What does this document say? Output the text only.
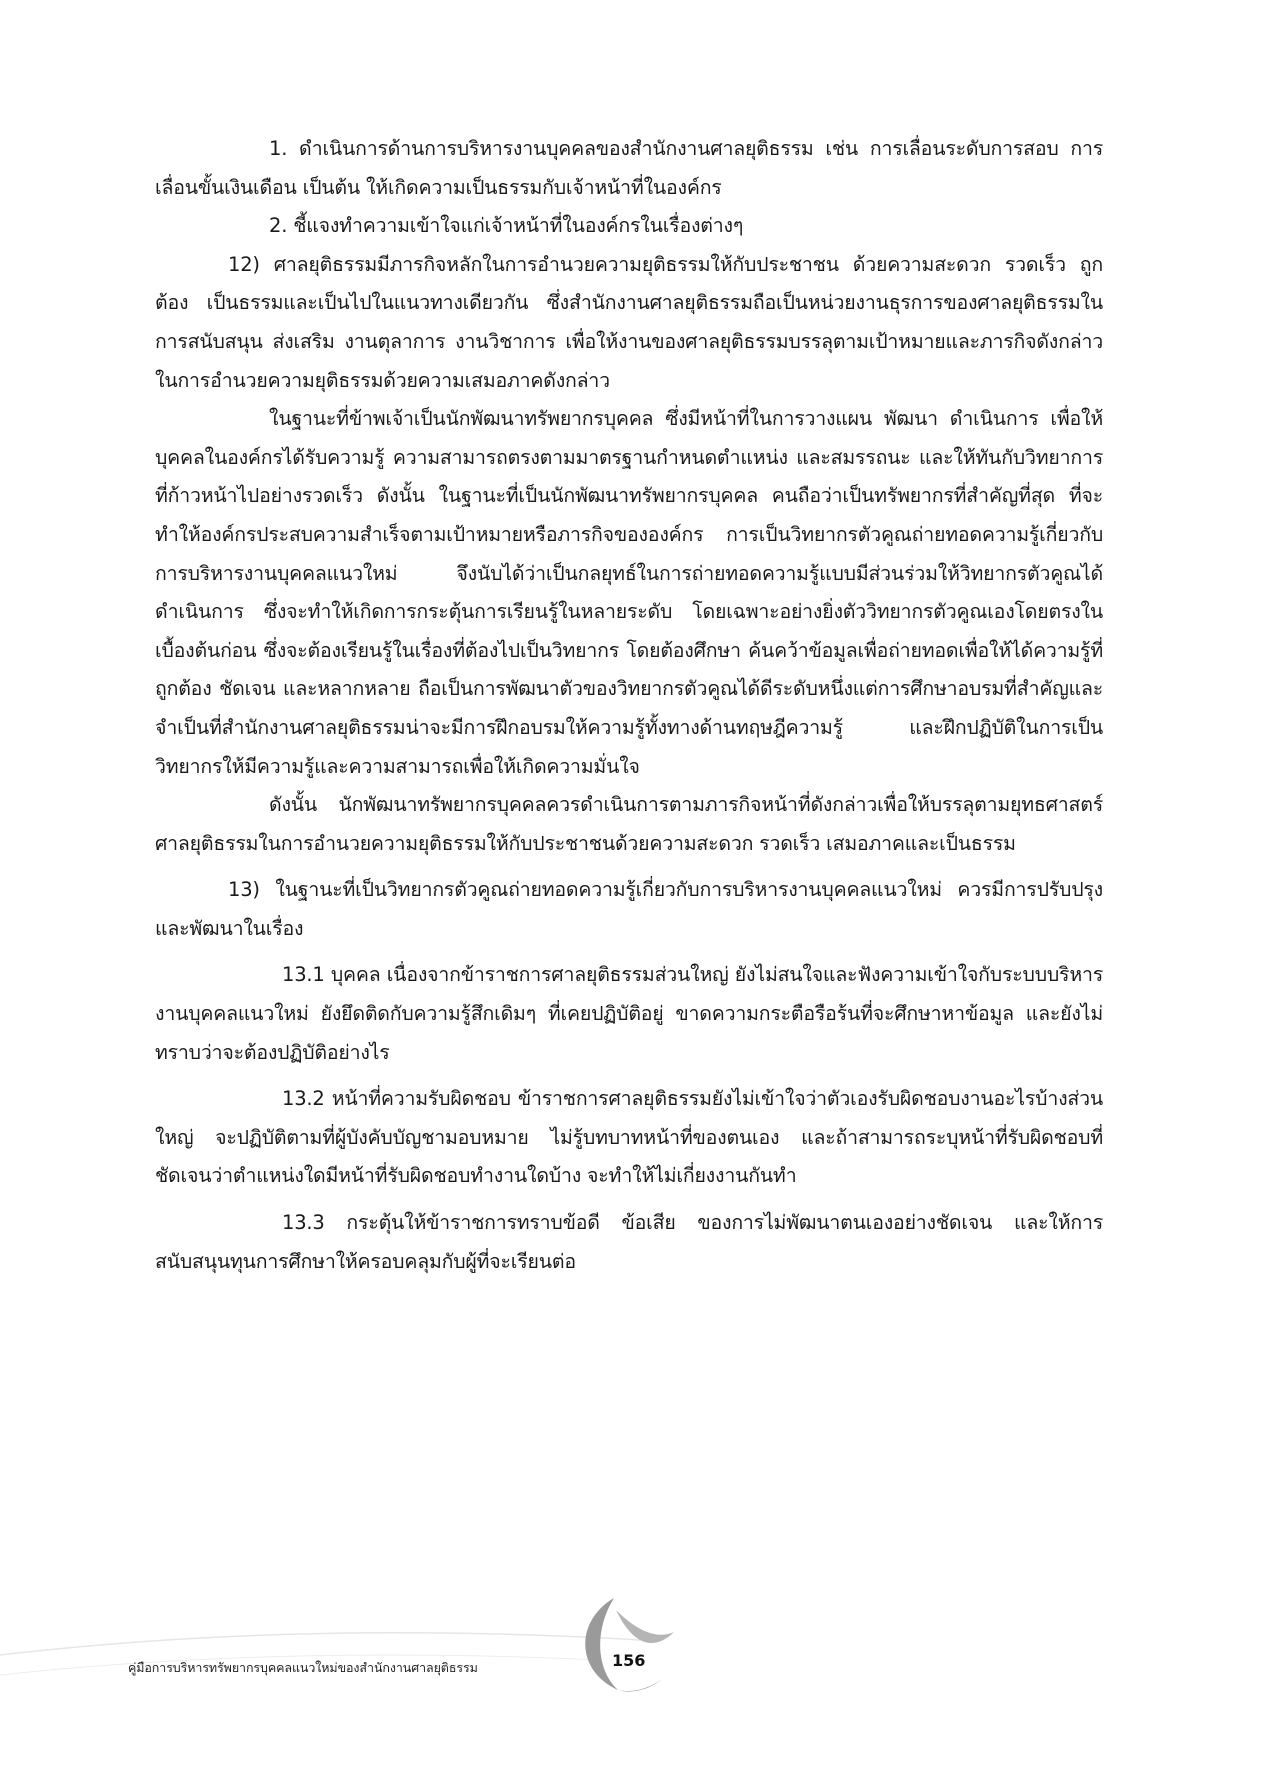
1. ดำเนินการด้านการบริหารงานบุคคลของสำนักงานศาลยุติธรรม เช่น การเลื่อนระดับการสอบ การเลื่อนขั้นเงินเดือน เป็นต้น ให้เกิดความเป็นธรรมกับเจ้าหน้าที่ในองค์กร

2. ชี้แจงทำความเข้าใจแก่เจ้าหน้าที่ในองค์กรในเรื่องต่างๆ

12) ศาลยุติธรรมมีภารกิจหลักในการอำนวยความยุติธรรมให้กับประชาชน ด้วยความสะดวก รวดเร็ว ถูกต้อง เป็นธรรมและเป็นไปในแนวทางเดียวกัน ซึ่งสำนักงานศาลยุติธรรมถือเป็นหน่วยงานธุรการของศาลยุติธรรมในการสนับสนุน ส่งเสริม งานตุลาการ งานวิชาการ เพื่อให้งานของศาลยุติธรรมบรรลุตามเป้าหมายและภารกิจดังกล่าวในการอำนวยความยุติธรรมด้วยความเสมอภาคดังกล่าว

ในฐานะที่ข้าพเจ้าเป็นนักพัฒนาทรัพยากรบุคคล ซึ่งมีหน้าที่ในการวางแผน พัฒนา ดำเนินการ เพื่อให้บุคคลในองค์กรได้รับความรู้ ความสามารถตรงตามมาตรฐานกำหนดตำแหน่ง และสมรรถนะ และให้ทันกับวิทยาการที่ก้าวหน้าไปอย่างรวดเร็ว ดังนั้น ในฐานะที่เป็นนักพัฒนาทรัพยากรบุคคล คนถือว่าเป็นทรัพยากรที่สำคัญที่สุด ที่จะทำให้องค์กรประสบความสำเร็จตามเป้าหมายหรือภารกิจขององค์กร การเป็นวิทยากรตัวคูณถ่ายทอดความรู้เกี่ยวกับการบริหารงานบุคคลแนวใหม่ จึงนับได้ว่าเป็นกลยุทธ์ในการถ่ายทอดความรู้แบบมีส่วนร่วมให้วิทยากรตัวคูณได้ดำเนินการ ซึ่งจะทำให้เกิดการกระตุ้นการเรียนรู้ในหลายระดับ โดยเฉพาะอย่างยิ่งตัววิทยากรตัวคูณเองโดยตรงในเบื้องต้นก่อน ซึ่งจะต้องเรียนรู้ในเรื่องที่ต้องไปเป็นวิทยากร โดยต้องศึกษา ค้นคว้าข้อมูลเพื่อถ่ายทอดเพื่อให้ได้ความรู้ที่ถูกต้อง ชัดเจน และหลากหลาย ถือเป็นการพัฒนาตัวของวิทยากรตัวคูณได้ดีระดับหนึ่งแต่การศึกษาอบรมที่สำคัญและจำเป็นที่สำนักงานศาลยุติธรรมน่าจะมีการฝึกอบรมให้ความรู้ทั้งทางด้านทฤษฎีความรู้ และฝึกปฏิบัติในการเป็นวิทยากรให้มีความรู้และความสามารถเพื่อให้เกิดความมั่นใจ

ดังนั้น นักพัฒนาทรัพยากรบุคคลควรดำเนินการตามภารกิจหน้าที่ดังกล่าวเพื่อให้บรรลุตามยุทธศาสตร์ศาลยุติธรรมในการอำนวยความยุติธรรมให้กับประชาชนด้วยความสะดวก รวดเร็ว เสมอภาคและเป็นธรรม

13) ในฐานะที่เป็นวิทยากรตัวคูณถ่ายทอดความรู้เกี่ยวกับการบริหารงานบุคคลแนวใหม่ ควรมีการปรับปรุงและพัฒนาในเรื่อง

13.1 บุคคล เนื่องจากข้าราชการศาลยุติธรรมส่วนใหญ่ ยังไม่สนใจและฟังความเข้าใจกับระบบบริหารงานบุคคลแนวใหม่ ยังยึดติดกับความรู้สึกเดิมๆ ที่เคยปฏิบัติอยู่ ขาดความกระตือรือร้นที่จะศึกษาหาข้อมูล และยังไม่ทราบว่าจะต้องปฏิบัติอย่างไร

13.2 หน้าที่ความรับผิดชอบ ข้าราชการศาลยุติธรรมยังไม่เข้าใจว่าตัวเองรับผิดชอบงานอะไรบ้างส่วนใหญ่ จะปฏิบัติตามที่ผู้บังคับบัญชามอบหมาย ไม่รู้บทบาทหน้าที่ของตนเอง และถ้าสามารถระบุหน้าที่รับผิดชอบที่ชัดเจนว่าตำแหน่งใดมีหน้าที่รับผิดชอบทำงานใดบ้าง จะทำให้ไม่เกี่ยงงานกันทำ

13.3 กระตุ้นให้ข้าราชการทราบข้อดี ข้อเสีย ของการไม่พัฒนาตนเองอย่างชัดเจน และให้การสนับสนุนทุนการศึกษาให้ครอบคลุมกับผู้ที่จะเรียนต่อ

คู่มือการบริหารทรัพยากรบุคคลแนวใหม่ของสำนักงานศาลยุติธรรม	156
